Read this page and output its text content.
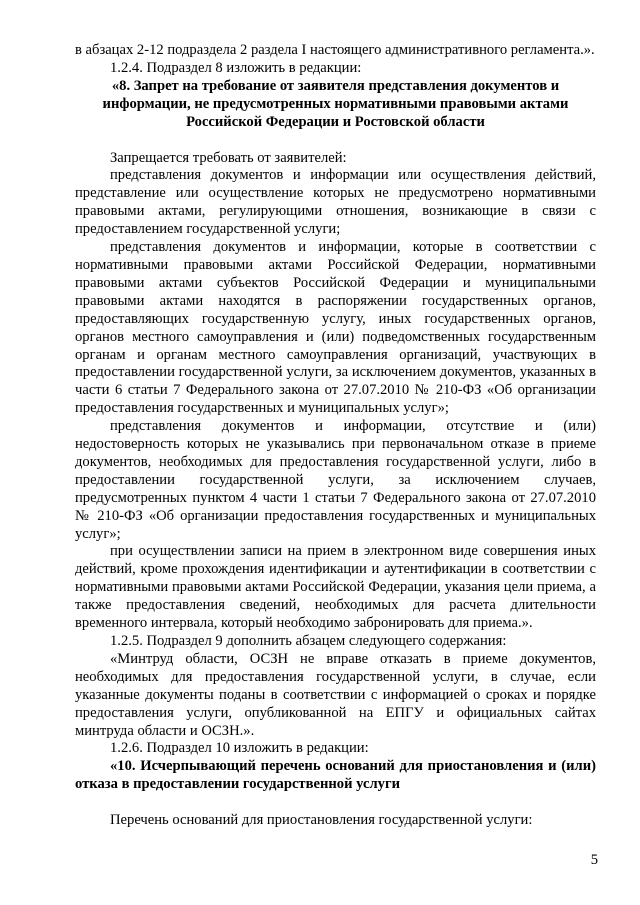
в абзацах 2-12 подраздела 2 раздела I настоящего административного регламента.».

1.2.4. Подраздел 8 изложить в редакции:

«8. Запрет на требование от заявителя представления документов и информации, не предусмотренных нормативными правовыми актами Российской Федерации и Ростовской области

Запрещается требовать от заявителей:

представления документов и информации или осуществления действий, представление или осуществление которых не предусмотрено нормативными правовыми актами, регулирующими отношения, возникающие в связи с предоставлением государственной услуги;

представления документов и информации, которые в соответствии с нормативными правовыми актами Российской Федерации, нормативными правовыми актами субъектов Российской Федерации и муниципальными правовыми актами находятся в распоряжении государственных органов, предоставляющих государственную услугу, иных государственных органов, органов местного самоуправления и (или) подведомственных государственным органам и органам местного самоуправления организаций, участвующих в предоставлении государственной услуги, за исключением документов, указанных в части 6 статьи 7 Федерального закона от 27.07.2010 № 210-ФЗ «Об организации предоставления государственных и муниципальных услуг»;

представления документов и информации, отсутствие и (или) недостоверность которых не указывались при первоначальном отказе в приеме документов, необходимых для предоставления государственной услуги, либо в предоставлении государственной услуги, за исключением случаев, предусмотренных пунктом 4 части 1 статьи 7 Федерального закона от 27.07.2010 № 210-ФЗ «Об организации предоставления государственных и муниципальных услуг»;

при осуществлении записи на прием в электронном виде совершения иных действий, кроме прохождения идентификации и аутентификации в соответствии с нормативными правовыми актами Российской Федерации, указания цели приема, а также предоставления сведений, необходимых для расчета длительности временного интервала, который необходимо забронировать для приема.».

1.2.5. Подраздел 9 дополнить абзацем следующего содержания:

«Минтруд области, ОСЗН не вправе отказать в приеме документов, необходимых для предоставления государственной услуги, в случае, если указанные документы поданы в соответствии с информацией о сроках и порядке предоставления услуги, опубликованной на ЕПГУ и официальных сайтах минтруда области и ОСЗН.».

1.2.6. Подраздел 10 изложить в редакции:

«10. Исчерпывающий перечень оснований для приостановления и (или) отказа в предоставлении государственной услуги

Перечень оснований для приостановления государственной услуги:

5
